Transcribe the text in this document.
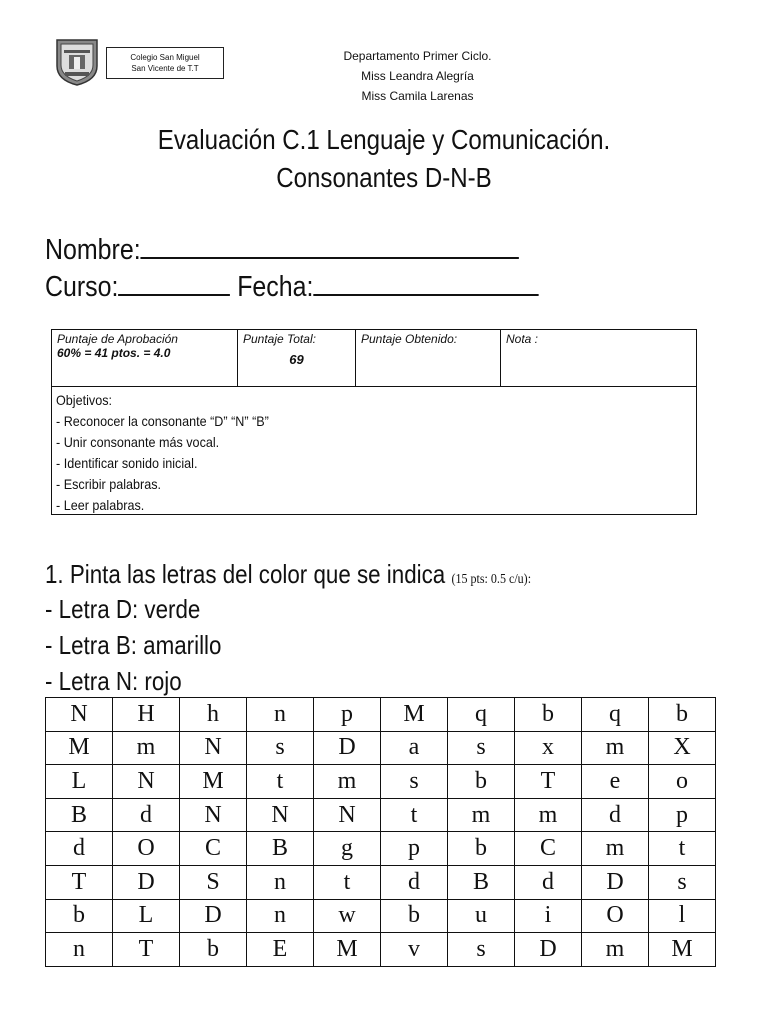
Colegio San Miguel
San Vicente de T.T
Departamento Primer Ciclo.
Miss Leandra Alegría
Miss Camila Larenas
Evaluación C.1 Lenguaje y Comunicación.
Consonantes D-N-B
Nombre:
Curso:	Fecha:
Puntaje de Aprobación
60% = 41 ptos. = 4.0
Puntaje Total:
69
Puntaje Obtenido:	Nota :
Objetivos:
- Reconocer la consonante “D” “N” “B”
- Unir consonante más vocal.
- Identificar sonido inicial.
- Escribir palabras.
- Leer palabras.
1. Pinta las letras del color que se indica (15 pts: 0.5 c/u):
- Letra D: verde
- Letra B: amarillo
- Letra N: rojo
N	H	h	n	p	M	q	b	q	b
M	m	N	s	D	a	s	x	m	X
L	N	M	t	m	s	b	T	e	o
B	d	N	N	N	t	m	m	d	p
d	O	C	B	g	p	b	C	m	t
T	D	S	n	t	d	B	d	D	s
b	L	D	n	w	b	u	i	O	l
n	T	b	E	M	v	s	D	m	M
